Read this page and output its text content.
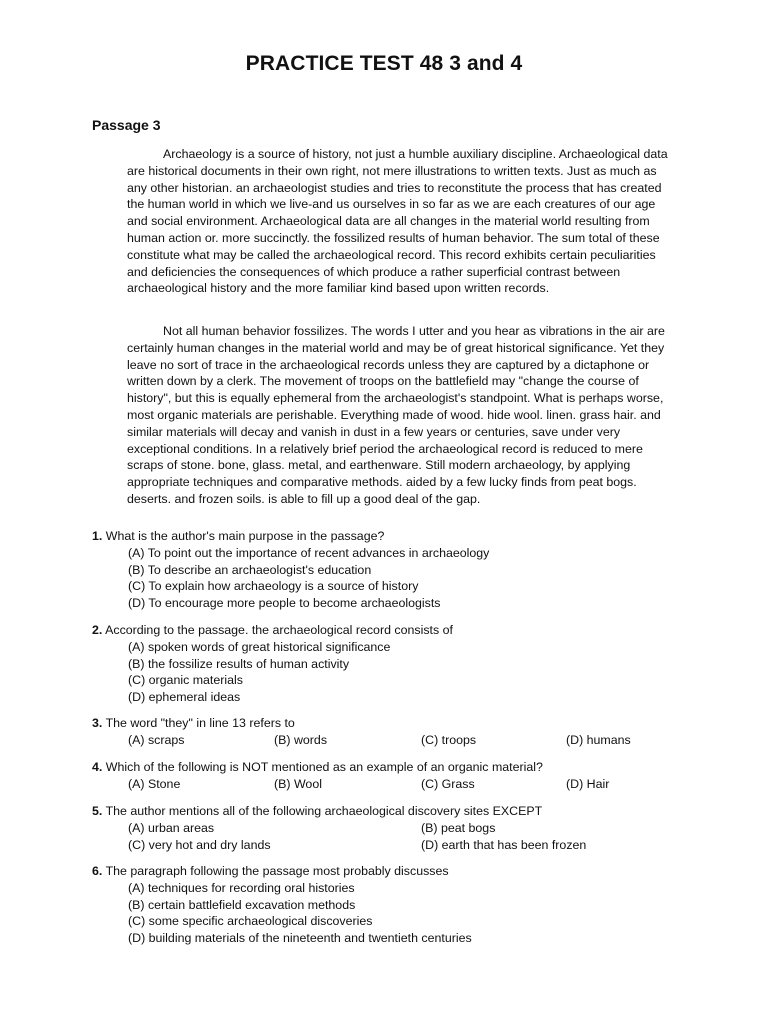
PRACTICE TEST 48 3 and 4
Passage 3

Archaeology is a source of history, not just a humble auxiliary discipline. Archaeological data are historical documents in their own right, not mere illustrations to written texts. Just as much as any other historian. an archaeologist studies and tries to reconstitute the process that has created the human world in which we live-and us ourselves in so far as we are each creatures of our age and social environment. Archaeological data are all changes in the material world resulting from human action or. more succinctly. the fossilized results of human behavior. The sum total of these constitute what may be called the archaeological record. This record exhibits certain peculiarities and deficiencies the consequences of which produce a rather superficial contrast between archaeological history and the more familiar kind based upon written records.

Not all human behavior fossilizes. The words I utter and you hear as vibrations in the air are certainly human changes in the material world and may be of great historical significance. Yet they leave no sort of trace in the archaeological records unless they are captured by a dictaphone or written down by a clerk. The movement of troops on the battlefield may "change the course of history", but this is equally ephemeral from the archaeologist's standpoint. What is perhaps worse, most organic materials are perishable. Everything made of wood. hide wool. linen. grass hair. and similar materials will decay and vanish in dust in a few years or centuries, save under very exceptional conditions. In a relatively brief period the archaeological record is reduced to mere scraps of stone. bone, glass. metal, and earthenware. Still modern archaeology, by applying appropriate techniques and comparative methods. aided by a few lucky finds from peat bogs. deserts. and frozen soils. is able to fill up a good deal of the gap.

1. What is the author's main purpose in the passage?
(A) To point out the importance of recent advances in archaeology
(B) To describe an archaeologist's education
(C) To explain how archaeology is a source of history
(D) To encourage more people to become archaeologists
2. According to the passage. the archaeological record consists of
(A) spoken words of great historical significance
(B) the fossilize results of human activity
(C) organic materials
(D) ephemeral ideas
3. The word "they" in line 13 refers to
(A) scraps	(B) words	(C) troops	(D) humans
4. Which of the following is NOT mentioned as an example of an organic material?
(A) Stone	(B) Wool	(C) Grass	(D) Hair
5. The author mentions all of the following archaeological discovery sites EXCEPT
(A) urban areas	(B) peat bogs
(C) very hot and dry lands	(D) earth that has been frozen
6. The paragraph following the passage most probably discusses
(A) techniques for recording oral histories
(B) certain battlefield excavation methods
(C) some specific archaeological discoveries
(D) building materials of the nineteenth and twentieth centuries
